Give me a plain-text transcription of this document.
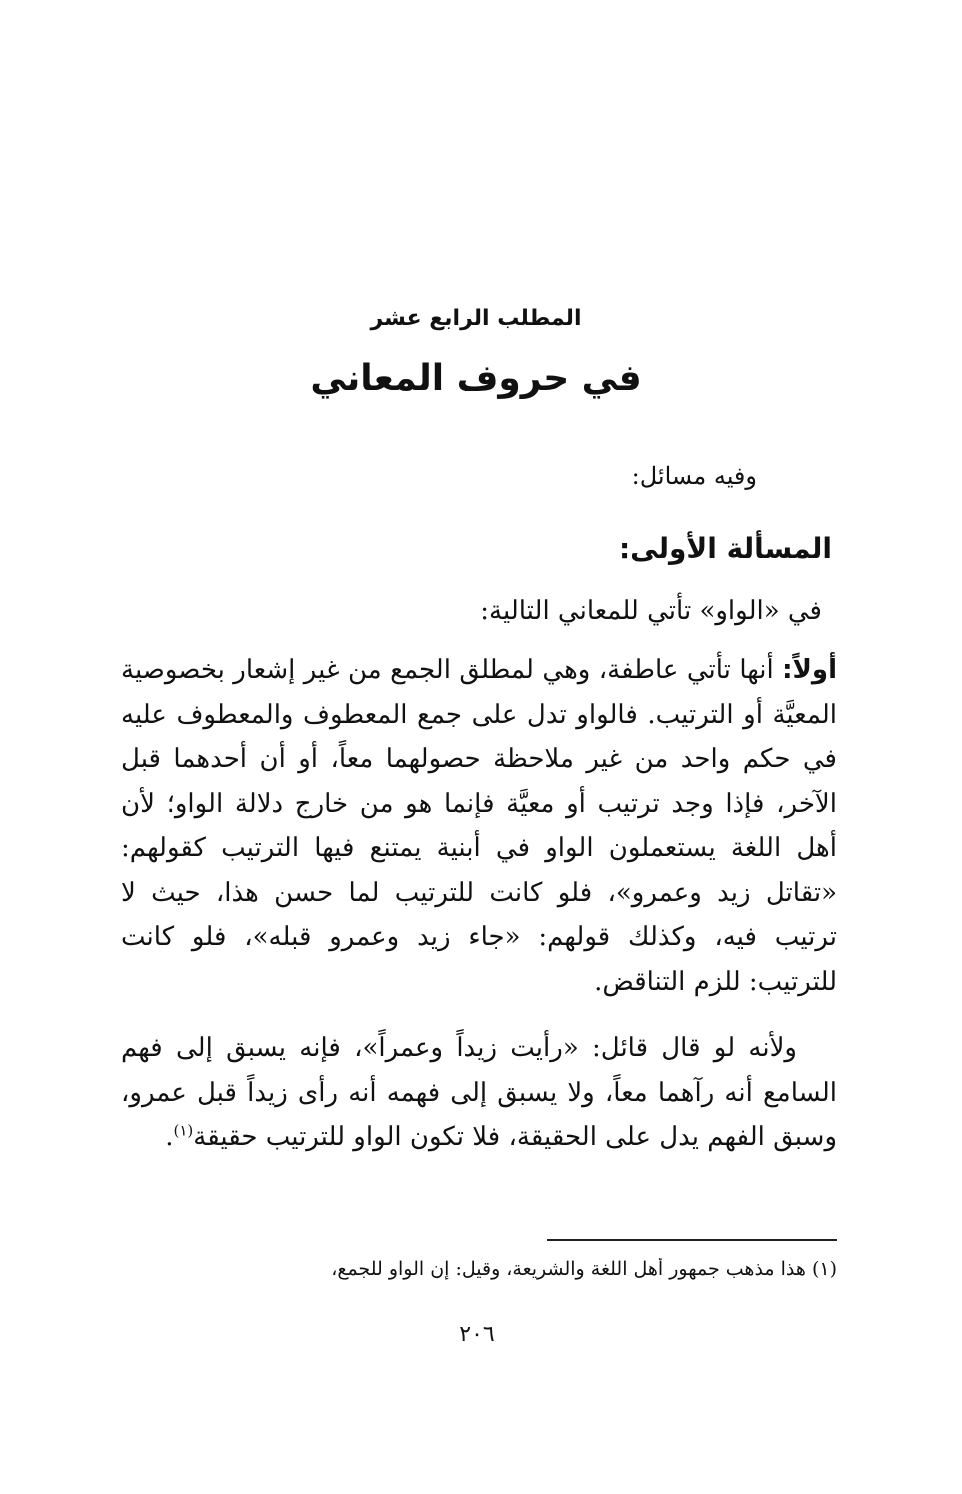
المطلب الرابع عشر
في حروف المعاني
وفيه مسائل:
المسألة الأولى:
في «الواو» تأتي للمعاني التالية:
أولاً: أنها تأتي عاطفة، وهي لمطلق الجمع من غير إشعار بخصوصية المعيَّة أو الترتيب. فالواو تدل على جمع المعطوف والمعطوف عليه في حكم واحد من غير ملاحظة حصولهما معاً، أو أن أحدهما قبل الآخر، فإذا وجد ترتيب أو معيَّة فإنما هو من خارج دلالة الواو؛ لأن أهل اللغة يستعملون الواو في أبنية يمتنع فيها الترتيب كقولهم: «تقاتل زيد وعمرو»، فلو كانت للترتيب لما حسن هذا، حيث لا ترتيب فيه، وكذلك قولهم: «جاء زيد وعمرو قبله»، فلو كانت للترتيب: للزم التناقض.
ولأنه لو قال قائل: «رأيت زيداً وعمراً»، فإنه يسبق إلى فهم السامع أنه رآهما معاً، ولا يسبق إلى فهمه أنه رأى زيداً قبل عمرو، وسبق الفهم يدل على الحقيقة، فلا تكون الواو للترتيب حقيقة$^{(١)}$.
(١) هذا مذهب جمهور أهل اللغة والشريعة، وقيل: إن الواو للجمع،
٢٠٦
